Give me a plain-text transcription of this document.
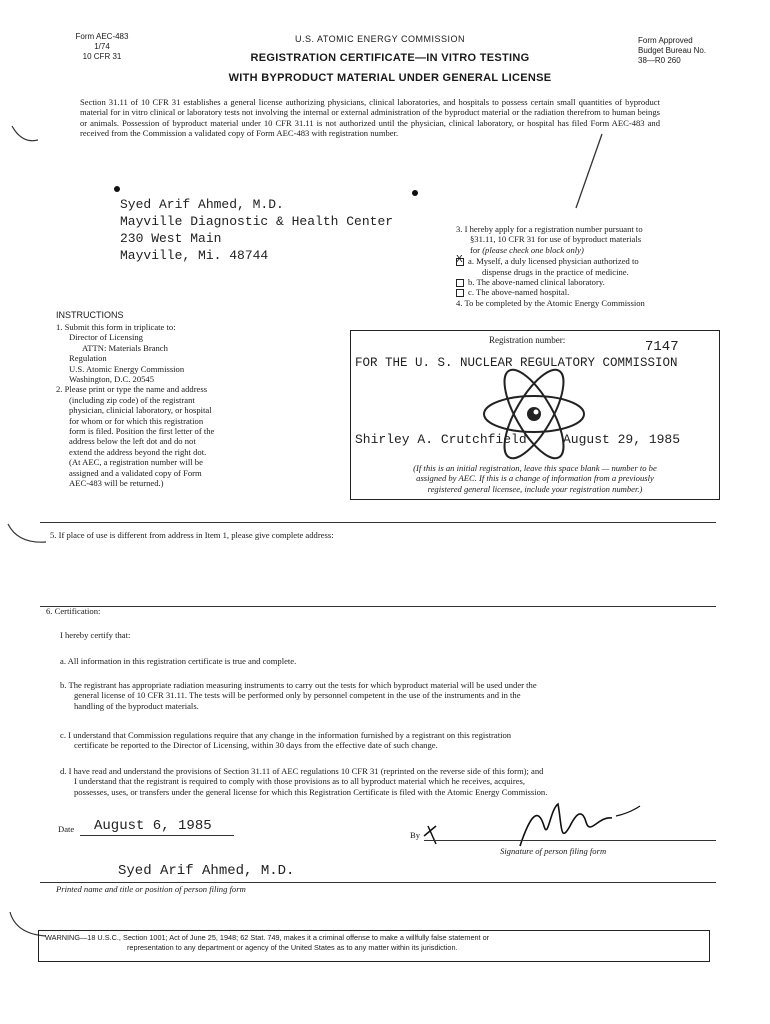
Form AEC-483
1/74
10 CFR 31
U.S. ATOMIC ENERGY COMMISSION
REGISTRATION CERTIFICATE—IN VITRO TESTING
WITH BYPRODUCT MATERIAL UNDER GENERAL LICENSE
Form Approved
Budget Bureau No.
38—R0 260
Section 31.11 of 10 CFR 31 establishes a general license authorizing physicians, clinical laboratories, and hospitals to possess certain small quantities of byproduct material for in vitro clinical or laboratory tests not involving the internal or external administration of the byproduct material or the radiation therefrom to human beings or animals. Possession of byproduct material under 10 CFR 31.11 is not authorized until the physician, clinical laboratory, or hospital has filed Form AEC-483 and received from the Commission a validated copy of Form AEC-483 with registration number.
Syed Arif Ahmed, M.D.
Mayville Diagnostic & Health Center
230 West Main
Mayville, Mi. 48744
3. I hereby apply for a registration number pursuant to
§31.11, 10 CFR 31 for use of byproduct materials
for (please check one block only)
Xa. Myself, a duly licensed physician authorized to
dispense drugs in the practice of medicine.
b. The above-named clinical laboratory.
c. The above-named hospital.
4. To be completed by the Atomic Energy Commission
INSTRUCTIONS

1. Submit this form in triplicate to:

Director of Licensing

ATTN: Materials Branch

Regulation

U.S. Atomic Energy Commission

Washington, D.C. 20545

2. Please print or type the name and address

(including zip code) of the registrant

physician, clinicial laboratory, or hospital

for whom or for which this registration

form is filed. Position the first letter of the

address below the left dot and do not

extend the address beyond the right dot.

(At AEC, a registration number will be

assigned and a validated copy of Form

AEC-483 will be returned.)

Registration number:	7147
FOR THE U. S. NUCLEAR REGULATORY COMMISSION
Shirley A. Crutchfield	August 29, 1985
(If this is an initial registration, leave this space blank — number to be
assigned by AEC. If this is a change of information from a previously
registered general licensee, include your registration number.)
5. If place of use is different from address in Item 1, please give complete address:
6. Certification:
I hereby certify that:
a. All information in this registration certificate is true and complete.
b. The registrant has appropriate radiation measuring instruments to carry out the tests for which byproduct material will be used under the
general license of 10 CFR 31.11. The tests will be performed only by personnel competent in the use of the instruments and in the
handling of the byproduct materials.
c. I understand that Commission regulations require that any change in the information furnished by a registrant on this registration
certificate be reported to the Director of Licensing, within 30 days from the effective date of such change.
d. I have read and understand the provisions of Section 31.11 of AEC regulations 10 CFR 31 (reprinted on the reverse side of this form); and
I understand that the registrant is required to comply with those provisions as to all byproduct material which he receives, acquires,
possesses, uses, or transfers under the general license for which this Registration Certificate is filed with the Atomic Energy Commission.
Date August 6, 1985
By
Signature of person filing form
Syed Arif Ahmed, M.D.
Printed name and title or position of person filing form
WARNING—18 U.S.C., Section 1001; Act of June 25, 1948; 62 Stat. 749, makes it a criminal offense to make a willfully false statement or
representation to any department or agency of the United States as to any matter within its jurisdiction.
